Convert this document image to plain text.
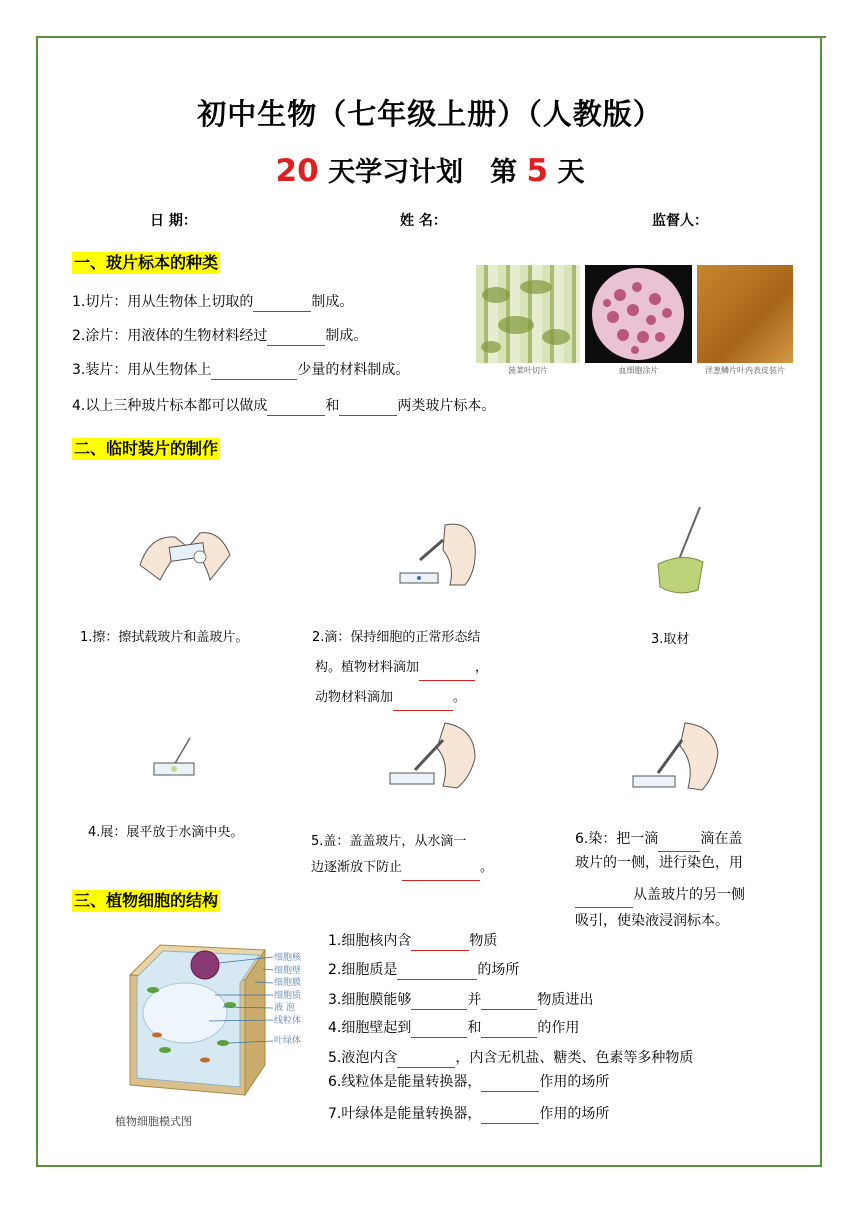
初中生物（七年级上册）（人教版）
20 天学习计划　第 5 天
日 期：	姓 名：	监督人：
一、玻片标本的种类
1.切片：用从生物体上切取的	制成。
2.涂片：用液体的生物材料经过	制成。
3.装片：用从生物体上	少量的材料制成。
4.以上三种玻片标本都可以做成	和	两类玻片标本。
菠菜叶切片	血细胞涂片	洋葱鳞片叶内表皮装片
二、临时装片的制作
1.擦：擦拭载玻片和盖玻片。	2.滴：保持细胞的正常形态结
构。植物材料滴加	，
动物材料滴加	。
3.取材
4.展：展平放于水滴中央。
5.盖：盖盖玻片，从水滴一
边逐渐放下防止	。
6.染：把一滴	滴在盖
玻片的一侧，进行染色，用
从盖玻片的另一侧
吸引，使染液浸润标本。
三、植物细胞的结构
细胞核
细胞壁
细胞膜
细胞质
液 泡
线粒体
叶绿体
植物细胞模式图
1.细胞核内含	物质
2.细胞质是	的场所
3.细胞膜能够	并	物质进出
4.细胞壁起到	和	的作用
5.液泡内含	，内含无机盐、糖类、色素等多种物质
6.线粒体是能量转换器，	作用的场所
7.叶绿体是能量转换器，	作用的场所
